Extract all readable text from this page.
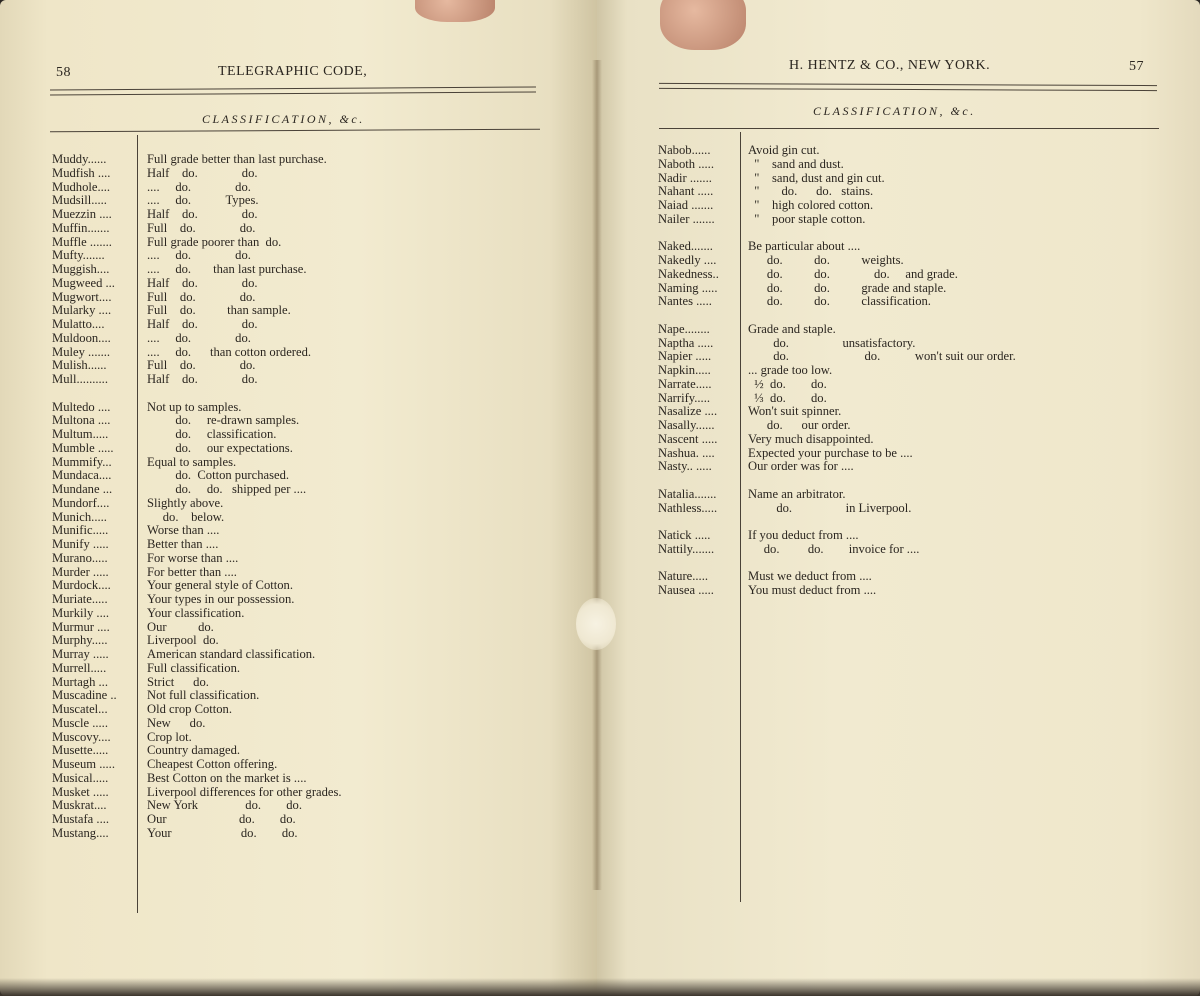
58	TELEGRAPHIC CODE,
CLASSIFICATION, &c.
Muddy......	Full grade better than last purchase.
Mudfish ....	Half    do.              do.
Mudhole....	....     do.              do.
Mudsill.....	....     do.           Types.
Muezzin ....	Half    do.              do.
Muffin.......	Full    do.              do.
Muffle .......	Full grade poorer than  do.
Mufty.......	....     do.              do.
Muggish....	....     do.       than last purchase.
Mugweed ...	Half    do.              do.
Mugwort....	Full    do.              do.
Mularky ....	Full    do.          than sample.
Mulatto....	Half    do.              do.
Muldoon....	....     do.              do.
Muley .......	....     do.      than cotton ordered.
Mulish......	Full    do.              do.
Mull..........	Half    do.              do.
Multedo ....	Not up to samples.
Multona ....	do.     re-drawn samples.
Multum.....	do.     classification.
Mumble .....	do.     our expectations.
Mummify...	Equal to samples.
Mundaca....	do.  Cotton purchased.
Mundane ...	do.     do.   shipped per ....
Mundorf....	Slightly above.
Munich.....	do.    below.
Munific.....	Worse than ....
Munify .....	Better than ....
Murano.....	For worse than ....
Murder .....	For better than ....
Murdock....	Your general style of Cotton.
Muriate.....	Your types in our possession.
Murkily ....	Your classification.
Murmur ....	Our          do.
Murphy.....	Liverpool  do.
Murray .....	American standard classification.
Murrell.....	Full classification.
Murtagh ...	Strict      do.
Muscadine .. Not full classification.
Muscatel...	Old crop Cotton.
Muscle .....	New      do.
Muscovy....	Crop lot.
Musette.....	Country damaged.
Museum .....	Cheapest Cotton offering.
Musical.....	Best Cotton on the market is ....
Musket .....	Liverpool differences for other grades.
Muskrat....	New York               do.        do.
Mustafa ....	Our                       do.        do.
Mustang....	Your                      do.        do.
H. HENTZ & CO., NEW YORK.	57
CLASSIFICATION, &c.
Nabob......	Avoid gin cut.
Naboth .....	"    sand and dust.
Nadir .......	"    sand, dust and gin cut.
Nahant .....	"       do.      do.   stains.
Naiad .......	"    high colored cotton.
Nailer .......	"    poor staple cotton.
Naked.......	Be particular about ....
Nakedly ....	do.          do.          weights.
Nakedness.. do.          do.              do.     and grade.
Naming ..... do.          do.          grade and staple.
Nantes .....	do.          do.          classification.
Nape........	Grade and staple.
Naptha .....	do.                 unsatisfactory.
Napier .....	do.                        do.           won't suit our order.
Napkin.....	... grade too low.
Narrate.....	½  do.        do.
Narrify.....	⅓  do.        do.
Nasalize .... Won't suit spinner.
Nasally......	do.      our order.
Nascent ..... Very much disappointed.
Nashua. ....	Expected your purchase to be ....
Nasty.. .....	Our order was for ....
Natalia.......	Name an arbitrator.
Nathless..... do.                 in Liverpool.
Natick .....	If you deduct from ....
Nattily.......	do.         do.        invoice for ....
Nature.....	Must we deduct from ....
Nausea .....	You must deduct from ....
